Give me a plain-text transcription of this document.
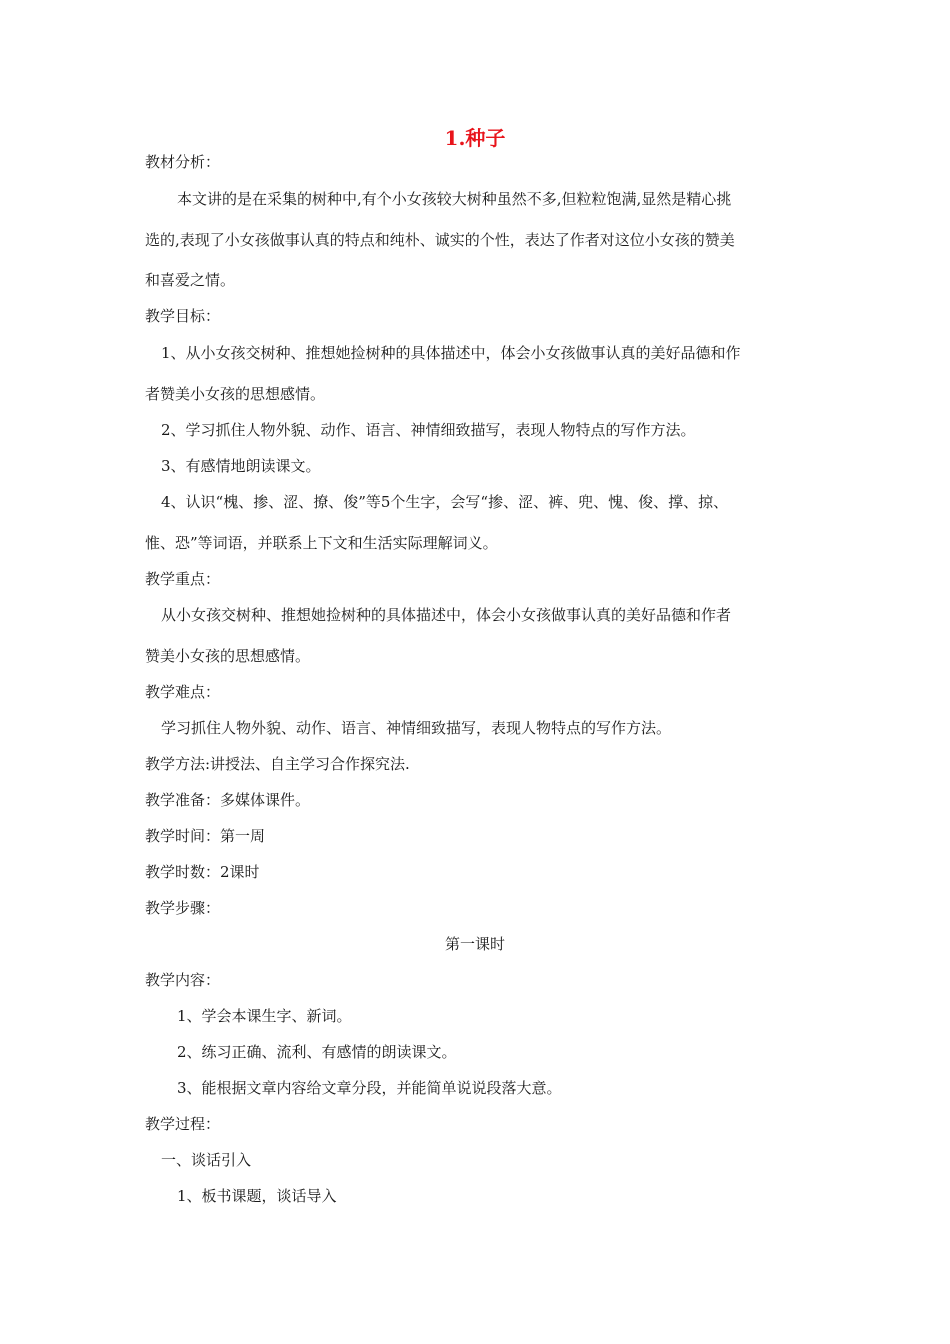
1.种子
教材分析：
本文讲的是在采集的树种中,有个小女孩较大树种虽然不多,但粒粒饱满,显然是精心挑
选的,表现了小女孩做事认真的特点和纯朴、诚实的个性，表达了作者对这位小女孩的赞美
和喜爱之情。
教学目标：
1、从小女孩交树种、推想她捡树种的具体描述中，体会小女孩做事认真的美好品德和作
者赞美小女孩的思想感情。
2、学习抓住人物外貌、动作、语言、神情细致描写，表现人物特点的写作方法。
3、有感情地朗读课文。
4、认识“槐、掺、涩、撩、俊”等5个生字，会写“掺、涩、裤、兜、愧、俊、撑、掠、
惟、恐”等词语，并联系上下文和生活实际理解词义。
教学重点：
从小女孩交树种、推想她捡树种的具体描述中，体会小女孩做事认真的美好品德和作者
赞美小女孩的思想感情。
教学难点：
学习抓住人物外貌、动作、语言、神情细致描写，表现人物特点的写作方法。
教学方法:讲授法、自主学习合作探究法.
教学准备：多媒体课件。
教学时间：第一周
教学时数：2课时
教学步骤：
第一课时
教学内容：
1、学会本课生字、新词。
2、练习正确、流利、有感情的朗读课文。
3、能根据文章内容给文章分段，并能简单说说段落大意。
教学过程：
一、谈话引入
1、板书课题，谈话导入
